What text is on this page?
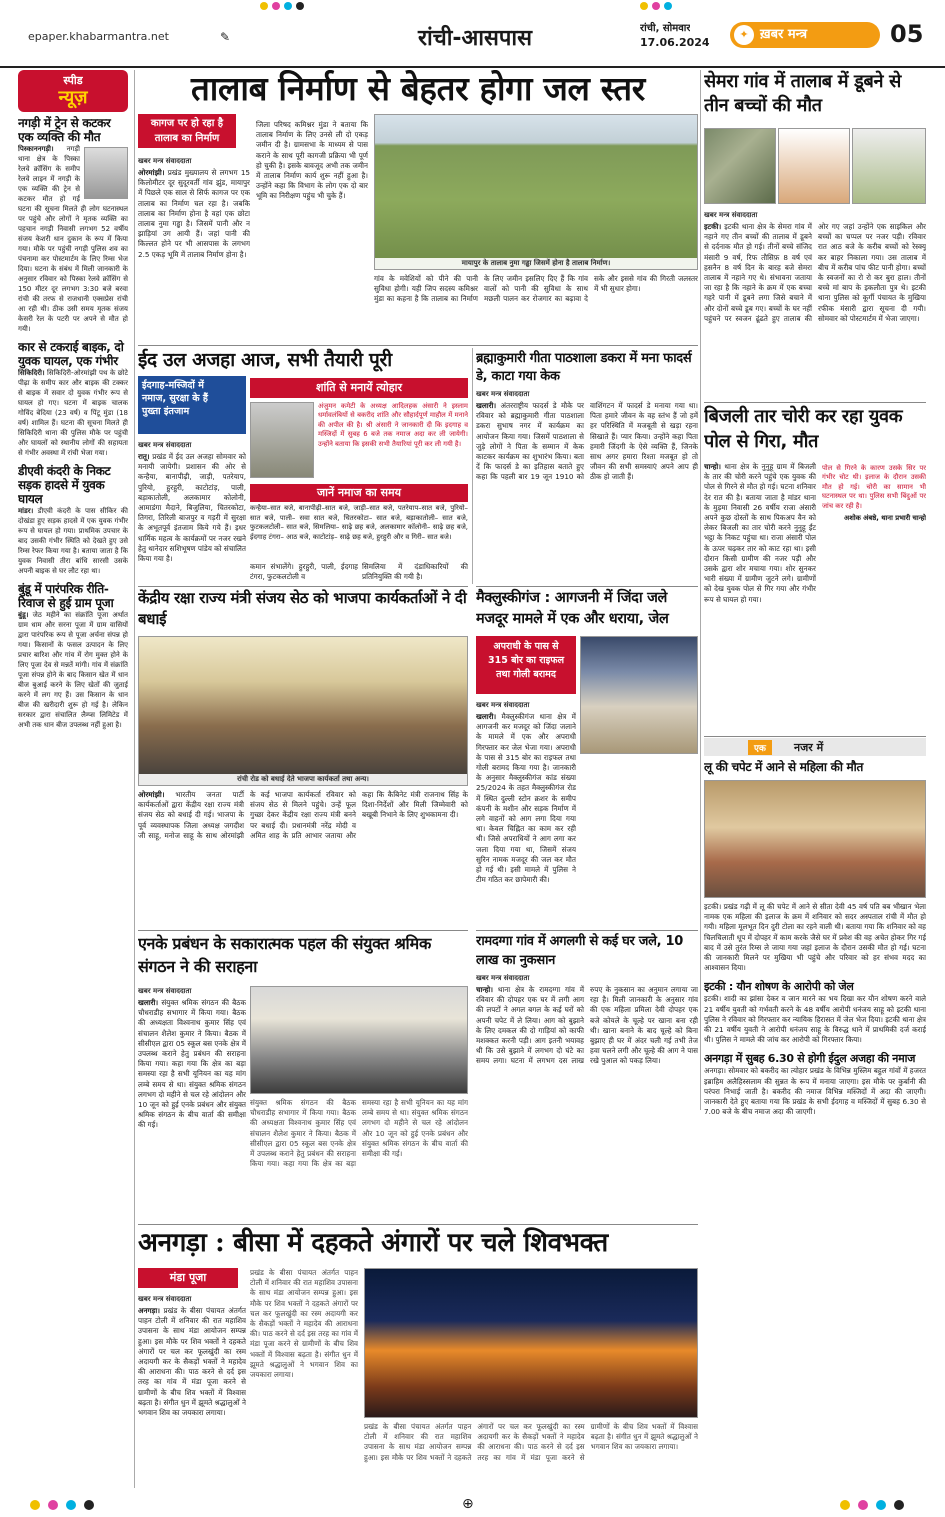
epaper.khabarmantra.net	✎	रांची-आसपास	रांची, सोमवार
17.06.2024
✦ ख़बर मन्त्र	05
स्पीड
न्यूज़
नगड़ी में ट्रेन से कटकर एक व्यक्ति की मौत
पिस्काननगड़ी। नगड़ी थाना क्षेत्र के पिस्का रेलवे क्रॉसिंग के समीप रेलवे लाइन में नगड़ी के एक व्यक्ति की ट्रेन से कटकर मौत हो गई घटना की सूचना मिलते ही लोग घटनास्थल पर पहुंचे और लोगों ने मृतक व्यक्ति का पहचान नगड़ी निवासी लगभग 52 वर्षीय संजय केशरी धान दुकान के रूप में किया गया। मौके पर पहुंची नगड़ी पुलिस शव का पंचनामा कर पोस्टमार्टम के लिए रिम्स भेज दिया। घटना के संबंध में मिली जानकारी के अनुसार रविवार को पिस्का रेलवे क्रॉसिंग से 150 मीटर दूर लगभग 3:30 बजे बरवा रांची की तरफ से राजधानी एक्सप्रेस रांची आ रही थी। ठीक उसी समय मृतक संजय केसरी रेल के पटरी पर अपने से मौत हो गयी।
कार से टकराई बाइक, दो युवक घायल, एक गंभीर
सिकिदिरी। सिकिदिरी-ओरमांझी पथ के छोटे पीढ़ा के समीप कार और बाइक की टक्कर से बाइक में सवार दो युवक गंभीर रूप से घायल हो गए। घटना में बाइक चालक गोविंद बेदिया (23 वर्ष) व पिंटू मुंडा (18 वर्ष) शामिल हैं। घटना की सूचना मिलते ही सिकिदिरी थाना की पुलिस मौके पर पहुंची और घायलों को स्थानीय लोगों की सहायता से गंभीर अवस्था में रांची भेजा गया।
डीएवी कंदरी के निकट सड़क हादसे में युवक घायल
मांडर। डीएवी कंदरी के पास सीकिर की दोखंडा हुए सड़क हादसे में एक युवक गंभीर रूप से घायल हो गया। प्राथमिक उपचार के बाद उसकी गंभीर स्थिति को देखते हुए उसे रिम्स रेफर किया गया है। बताया जाता है कि युवक निवासी तीरा बांधि सारसी उसके अपनी बाइक से घर लौट रहा था।
बुंडू में पारंपरिक रीति-रिवाज से हुई ग्राम पूजा
बुंडू। जेठ महीने का संक्रांति पूजा अर्थात ग्राम धाम और सरना पूजा में ग्राम वासियों द्वारा पारंपरिक रूप से पूजा अर्चना संपन्न हो गया। किसानों के फसल उत्पादन के लिए प्रचार बारिश और गांव में रोग मुक्त होने के लिए पूजा देव से मन्नतें मांगी। गांव में संक्रांति पूजा संपन्न होने के बाद किसान खेत में धान बीज बुआई करने के लिए खेतों की जुताई करने में लग गए हैं। उस किसान के धान बीज की खरीदारी शुरू हो गई है। लेकिन सरकार द्वारा संचालित लैम्प्स लिमिटेड में अभी तक धान बीज उपलब्ध नहीं हुआ है।
तालाब निर्माण से बेहतर होगा जल स्तर
कागज पर हो रहा है
तालाब का निर्माण
खबर मन्त्र संवाददाता
ओरमांझी। प्रखंड मुख्यालय से लगभग 15 किलोमीटर दूर सुदूरवर्ती गांव झुंड, मायापुर में पिछले एक साल से सिर्फ कागज पर एक तालाब का निर्माण चल रहा है। जबकि तालाब का निर्माण होना है वहां एक छोटा तालाब नुमा गड्ढा है। जिसमें पानी और न झाड़ियां उग आयी हैं। जहां पानी की किल्लत होने पर भी आसपास के लगभग 2.5 एकड़ भूमि में तालाब निर्माण होना है।
जिला परिषद कमिश्नर मुंडा ने बताया कि तालाब निर्माण के लिए उनसे ली दो एकड़ जमीन दी है। ग्रामसभा के माध्यम से पास कराने के साथ पूरी कागजी प्रक्रिया भी पूर्ण हो चुकी है। इसके बावजूद अभी तक जमीन में तालाब निर्माण कार्य शुरू नहीं हुआ है। उन्होंने कहा कि विभाग के लोग एक दो बार भूमि का निरीक्षण पहुंच भी चुके हैं।
मायापुर के तालाब नुमा गड्ढा जिसमें होना है तालाब निर्माण।
गांव के मवेशियों को पीने की पानी सुविधा होगी। यही जिप सदस्य कमिश्नर मुंडा का कहना है कि तालाब का निर्माण के लिए जमीन इसलिए दिए हैं कि गांव वालों को पानी की सुविधा के साथ मछली पालन कर रोजगार का बढ़ावा दे सके और इससे गांव की गिरती जलस्तर में भी सुधार होगा।
सेमरा गांव में तालाब में डूबने से तीन बच्चों की मौत
खबर मन्त्र संवाददाता
इटकी। इटकी थाना क्षेत्र के सेमरा गांव में नहाने गए तीन बच्चों की तालाब में डूबने से दर्दनाक मौत हो गई। तीनों बच्चे संजिद मंसारी 9 वर्ष, रिफ तौसिफ़ 8 वर्ष एवं हसनैन 8 वर्ष दिन के बारह बजे सेमरा तालाब में नहाने गए थे। संभावना जताया जा रहा है कि नहाने के क्रम में एक बच्चा गहरे पानी में डूबने लगा जिसे बचाने में और दोनों बच्चे डूब गए। बच्चों के घर नहीं पहुंचने पर स्वजन ढूंढते हुए तालाब की ओर गए जहां उन्होंने एक साइकिल और बच्चों का चप्पल पर नजर पड़ी। रविवार रात आठ बजे के करीब बच्चों को रेस्क्यू कर बाहर निकाला गया। उस तालाब में बीच में करीब पांच फीट पानी होगा। बच्चों के स्वजनों का रो रो कर बुरा हाल। तीनों बच्चे मां बाप के इकलौता पुत्र थे। इटकी थाना पुलिस को कूर्गी पंचायत के मुखिया रफीक मंसारी द्वारा सूचना दी गयी। सोमवार को पोस्टमार्टम में भेजा जाएगा।
ईद उल अजहा आज, सभी तैयारी पूरी
ईदगाह-मस्जिदों में
नमाज, सुरक्षा के हैं
पुख्ता इंतजाम
शांति से मनायें त्योहार
अंजुमन कमेटी के अध्यक्ष आदिलहक अंसारी ने इस्लाम धर्मावलंबियों से बकरीद शांति और सौहार्दपूर्ण माहौल में मनाने की अपील की है। श्री अंसारी ने जानकारी दी कि इदगाह व मस्जिदों में सुबह 6 बजे तक नमाज अदा कर ली जायेगी। उन्होंने बताया कि इसकी सभी तैयारियां पूरी कर ली गयी है।
खबर मन्त्र संवाददाता
रातू। प्रखंड में ईद उल अजहा सोमवार को मनायी जायेगी। प्रशासन की ओर से कन्हैया, बानापीढ़ी, जाड़ी, पतरेयाप, पुरियो, हुरहुरी, काटोटांड़, पाली, बड़ाकातोली, अलकामार कोलोनी, आमाडंगा मैदाने, बिजुलिया, चितरकोटा, तिगरा, तिरिली बाजपुर व गड़री में सुरक्षा के अभूतपूर्व इंतजाम किये गये हैं। इधर धार्मिक महत्व के कार्यक्रमों पर नजर रखने हेतु थानेदार सशिभूषण पांडेय को संचालित किया गया है।
जानें नमाज का समय
कन्हैया–सात बजे, बानापीढ़ी–सात बजे, जाड़ी–सात बजे, पतरेयाप–सात बजे, पुरियो–सात बजे, पाली– सवा सात बजे, चितरकोटा– सात बजे, बड़ाकातोली– सात बजे, फुटकलटोली– सात बजे, सिमलिया– साढ़े छह बजे, अलकामार कॉलोनी– साढ़े छह बजे, ईदगाह टंगरा– आठ बजे, काटोटांड़– साढ़े छह बजे, हुरहुरी और व गिरी– सात बजे।
कमान संभालेंगे। हुरहुरी, पाली, ईदगाह टंगरा, फुटकलटोली व
सिमलिया में दंडाधिकारियों की प्रतिनियुक्ति की गयी है।
ब्रह्माकुमारी गीता पाठशाला डकरा में मना फादर्स डे, काटा गया केक
खबर मन्त्र संवाददाता
खलारी। अंतरराष्ट्रीय फादर्स डे मौके पर रविवार को ब्रह्माकुमारी गीता पाठशाला डकरा सुभाष नगर में कार्यक्रम का आयोजन किया गया। जिसमें पाठशाला से जुड़े लोगों ने पिता के सम्मान में केक काटकर कार्यक्रम का शुभारंभ किया। बता दें कि फादर्स डे का इतिहास बताते हुए कहा कि पहली बार 19 जून 1910 को वाशिंगटन में फादर्स डे मनाया गया था। पिता हमारे जीवन के वह स्तंभ हैं जो हमें हर परिस्थिति में मजबूती से खड़ा रहना सिखाते हैं। प्यार किया। उन्होंने कहा पिता हमारी जिंदगी के ऐसे व्यक्ति हैं, जिनके साथ अगर हमारा रिश्ता मजबूत हो तो जीवन की सभी समस्याएं अपने आप ही ठीक हो जाती हैं।
बिजली तार चोरी कर रहा युवक पोल से गिरा, मौत
पोल से गिरने के कारण उसके सिर पर गंभीर चोट थी। इलाज के दौरान उसकी मौत हो गई। चोरी का सामान भी घटनास्थल पर था। पुलिस सभी बिंदुओं पर जांच कर रही है।
अशोक अंबष्ठे, थाना प्रभारी चान्हो
चान्हो। थाना क्षेत्र के नुनुहू ग्राम में बिजली के तार की चोरी करने पहुंचे एक युवक की पोल से गिरने से मौत हो गई। घटना शनिवार देर रात की है। बताया जाता है मांडर थाना के मुड़मा निवासी 26 वर्षीय राजा अंसारी अपने कुछ दोस्तों के साथ पिकअप वैन को लेकर बिजली का तार चोरी करने नुनुहू ईंट भट्ठा के निकट पहुंचा था। राजा अंसारी पोल के ऊपर चढ़कर तार को काट रहा था। इसी दौरान किसी ग्रामीण की नजर पड़ी और उसके द्वारा शोर मचाया गया। शोर सुनकर भारी संख्या में ग्रामीण जुटने लगे। ग्रामीणों को देख युवक पोल से गिर गया और गंभीर रूप से घायल हो गया।
केंद्रीय रक्षा राज्य मंत्री संजय सेठ को भाजपा कार्यकर्ताओं ने दी बधाई
रांची रोड को बधाई देते भाजपा कार्यकर्ता तथा अन्य।
ओरमांझी। भारतीय जनता पार्टी कार्यकर्ताओं द्वारा केंद्रीय रक्षा राज्य मंत्री संजय सेठ को बधाई दी गई। भाजपा के पूर्व व्यवस्थापक जिला अध्यक्ष जगदीश जी साहू, मनोज साहू के साथ ओरमांझी के कई भाजपा कार्यकर्ता रविवार को संजय सेठ से मिलने पहुंचे। उन्हें फूल गुच्छा देकर केंद्रीय रक्षा राज्य मंत्री बनने पर बधाई दी। प्रधानमंत्री नरेंद्र मोदी व अमित शाह के प्रति आभार जताया और कहा कि कैबिनेट मंत्री राजनाथ सिंह के दिशा-निर्देशों और मिली जिम्मेवारी को बखूबी निभाने के लिए शुभकामना दी।
मैक्लुस्कीगंज : आगजनी में जिंदा जले मजदूर मामले में एक और धराया, जेल
अपराधी के पास से
315 बोर का राइफल
तथा गोली बरामद
खबर मन्त्र संवाददाता
खलारी। मैक्लुस्कीगंज थाना क्षेत्र में आगजनी कर मजदूर को जिंदा जलाने के मामले में एक और अपराधी गिरफ्तार कर जेल भेजा गया। अपराधी के पास से 315 बोर का राइफल तथा गोली बरामद किया गया है। जानकारी के अनुसार मैक्लुस्कीगंज कांड संख्या 25/2024 के तहत मैक्लुस्कीगंज रोड में स्थित दुल्ली स्टोन क्रशर के समीप कंपनी के मशीन और सड़क निर्माण में लगे वाहनों को आग लगा दिया गया था। केवल चिह्नित का काम कर रही थी। जिसे अपराधियों ने आग लगा कर जला दिया गया था, जिसमें संजय सुरिन नामक मजदूर की जल कर मौत हो गई थी। इसी मामले में पुलिस ने टीम गठित कर छापेमारी की।
एक	नजर में
लू की चपेट में आने से महिला की मौत
इटकी। प्रखंड गढ़ी में लू की चपेट में आने से सीता देवी 45 वर्ष पति बब भीखान भेला नामक एक महिला की इलाज के क्रम में शनिवार को सदर अस्पताल रांची में मौत हो गयी। महिला मूलभूत दिन दुरी टोला का रहने वाली थी। बताया गया कि शनिवार को वह चिलचिलाती धूप में दोपहर में काम करके जैसे घर में प्रवेश की वह अचेत होकर गिर गई बाद में उसे तुरंत रिम्स ले जाया गया जहां इलाज के दौरान उसकी मौत हो गई। घटना की जानकारी मिलने पर मुखिया भी पहुंचे और परिवार को हर संभव मदद का आश्वासन दिया।
इटकी : यौन शोषण के आरोपी को जेल
इटकी। शादी का झांसा देकर व जान मारने का भय दिखा कर यौन शोषण करने वाले 21 वर्षीय युवती को गर्भवती करने के 48 वर्षीय आरोपी धनंजय साहू को इटकी थाना पुलिस ने रविवार को गिरफ्तार कर न्यायिक हिरासत में जेल भेज दिया। इटकी थाना क्षेत्र की 21 वर्षीय युवती ने आरोपी धनंजय साहू के विरुद्ध थाने में प्राथमिकी दर्ज कराई थी। पुलिस ने मामले की जांच कर आरोपी को गिरफ्तार किया।
अनगड़ा में सुबह 6.30 से होगी ईदुल अजहा की नमाज
अनगड़ा। सोमवार को बकरीद का त्योहार प्रखंड के विभिन्न मुस्लिम बहुल गांवों में हजरत इब्राहिम अलैहिस्सलाम की सुन्नत के रूप में मनाया जाएगा। इस मौके पर कुर्बानी की परंपरा निभाई जाती है। बकरीद की नमाज विभिन्न मस्जिदों में अदा की जाएगी। जानकारी देते हुए बताया गया कि प्रखंड के सभी ईदगाह व मस्जिदों में सुबह 6.30 से 7.00 बजे के बीच नमाज अदा की जाएगी।
एनके प्रबंधन के सकारात्मक पहल की संयुक्त श्रमिक संगठन ने की सराहना
खबर मन्त्र संवाददाता
खलारी। संयुक्त श्रमिक संगठन की बैठक चौधराडीह सभागार में किया गया। बैठक की अध्यक्षता विश्वनाथ कुमार सिंह एवं संचालन शैलेश कुमार ने किया। बैठक में सीसीएल द्वारा 05 स्कूल बस एनके क्षेत्र में उपलब्ध कराने हेतु प्रबंधन की सराहना किया गया। कहा गया कि क्षेत्र का बड़ा समस्या रहा है सभी यूनियन का यह मांग लम्बे समय से था। संयुक्त श्रमिक संगठन लगभग दो महीने से चल रहे आंदोलन और 10 जून को हुई एनके प्रबंधन और संयुक्त श्रमिक संगठन के बीच वार्ता की समीक्षा की गई।
संयुक्त श्रमिक संगठन की बैठक चौधराडीह सभागार में किया गया। बैठक की अध्यक्षता विश्वनाथ कुमार सिंह एवं संचालन शैलेश कुमार ने किया। बैठक में सीसीएल द्वारा 05 स्कूल बस एनके क्षेत्र में उपलब्ध कराने हेतु प्रबंधन की सराहना किया गया। कहा गया कि क्षेत्र का बड़ा समस्या रहा है सभी यूनियन का यह मांग लम्बे समय से था। संयुक्त श्रमिक संगठन लगभग दो महीने से चल रहे आंदोलन और 10 जून को हुई एनके प्रबंधन और संयुक्त श्रमिक संगठन के बीच वार्ता की समीक्षा की गई।
रामदग्गा गांव में अगलगी से कई घर जले, 10 लाख का नुकसान
खबर मन्त्र संवाददाता
चान्हो। थाना क्षेत्र के रामदग्गा गांव में रविवार की दोपहर एक घर में लगी आग की लपटों ने अगल बगल के कई घरों को अपनी चपेट में ले लिया। आग को बुझाने के लिए दमकल की दो गाड़ियां को काफी मशक्कत करनी पड़ी। आग इतनी भयावह थी कि उसे बुझाने में लगभग दो घंटे का समय लगा। घटना में लगभग दस लाख रुपए के नुकसान का अनुमान लगाया जा रहा है। मिली जानकारी के अनुसार गांव की एक महिला प्रमिला देवी दोपहर एक बजे कोयले के चूल्हे पर खाना बना रही थी। खाना बनाने के बाद चूल्हे को बिना बुझाए ही घर में अंदर चली गई तभी तेज हवा चलने लगी और चूल्हे की आग ने पास रखे पुआल को पकड़ लिया।
अनगड़ा : बीसा में दहकते अंगारों पर चले शिवभक्त
मंडा पूजा
खबर मन्त्र संवाददाता
अनगड़ा। प्रखंड के बीसा पंचायत अंतर्गत पाहन टोली में शनिवार की रात महाशिव उपासना के साथ मंडा आयोजन सम्पन्न हुआ। इस मौके पर शिव भक्तों ने दहकते अंगारों पर चल कर फूलखुंदी का रस्म अदायगी कर के सैकड़ों भक्तों ने महादेव की आराधना की। पाठ करने से दर्द इस तरह का गांव में मंडा पूजा करने से ग्रामीणों के बीच शिव भक्तों में विश्वास बढ़ता है। संगीत धुन में झूमते श्रद्धालुओं ने भगवान शिव का जयकारा लगाया।
प्रखंड के बीसा पंचायत अंतर्गत पाहन टोली में शनिवार की रात महाशिव उपासना के साथ मंडा आयोजन सम्पन्न हुआ। इस मौके पर शिव भक्तों ने दहकते अंगारों पर चल कर फूलखुंदी का रस्म अदायगी कर के सैकड़ों भक्तों ने महादेव की आराधना की। पाठ करने से दर्द इस तरह का गांव में मंडा पूजा करने से ग्रामीणों के बीच शिव भक्तों में विश्वास बढ़ता है। संगीत धुन में झूमते श्रद्धालुओं ने भगवान शिव का जयकारा लगाया।
प्रखंड के बीसा पंचायत अंतर्गत पाहन टोली में शनिवार की रात महाशिव उपासना के साथ मंडा आयोजन सम्पन्न हुआ। इस मौके पर शिव भक्तों ने दहकते अंगारों पर चल कर फूलखुंदी का रस्म अदायगी कर के सैकड़ों भक्तों ने महादेव की आराधना की। पाठ करने से दर्द इस तरह का गांव में मंडा पूजा करने से ग्रामीणों के बीच शिव भक्तों में विश्वास बढ़ता है। संगीत धुन में झूमते श्रद्धालुओं ने भगवान शिव का जयकारा लगाया।
⊕
